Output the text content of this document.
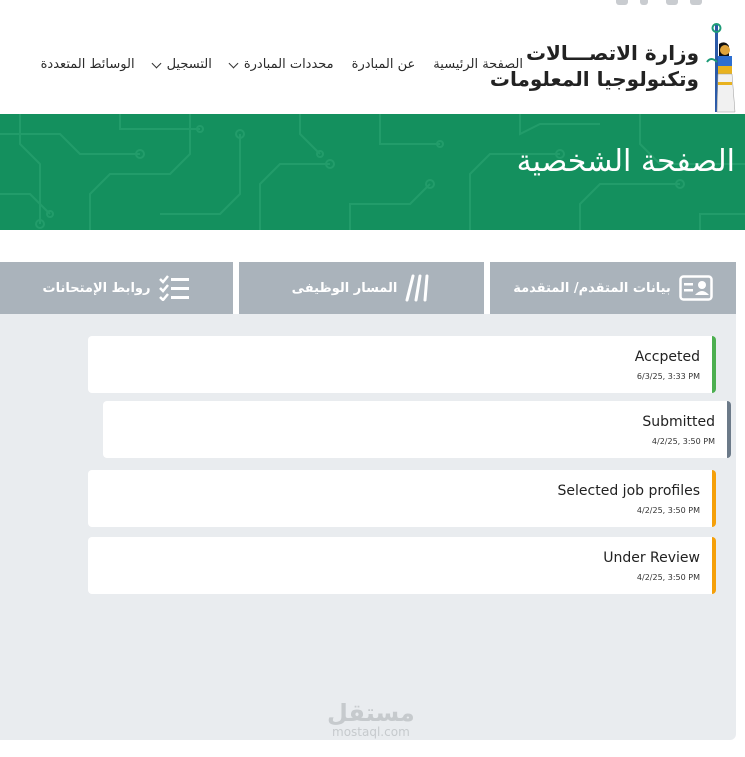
الصفحة الرئيسية
عن المبادرة
محددات المبادرة
التسجيل
الوسائط المتعددة	وزارة الاتصـــالات
وتكنولوجيا المعلومات
الصفحة الشخصية
بيانات المتقدم/ المتقدمة
المسار الوظيفى
روابط الإمتحانات
Accpeted
6/3/25, 3:33 PM
Submitted
4/2/25, 3:50 PM
Selected job profiles
4/2/25, 3:50 PM
Under Review
4/2/25, 3:50 PM
مستقل
mostaql.com
